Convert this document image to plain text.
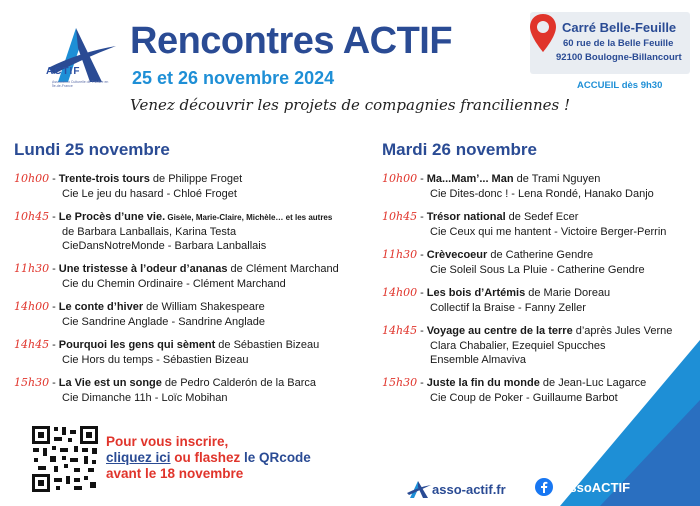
ACTIF
Association Culturelle de Théâtre en Île-de-France
Rencontres ACTIF
25 et 26 novembre 2024
Venez découvrir les projets de compagnies franciliennes !
Carré Belle-Feuille
60 rue de la Belle Feuille
92100 Boulogne-Billancourt
ACCUEIL dès 9h30
Lundi 25 novembre
10h00 - Trente-trois tours de Philippe Froget
Cie Le jeu du hasard - Chloé Froget
10h45 - Le Procès d’une vie. Gisèle, Marie-Claire, Michèle… et les autres
de Barbara Lanballais, Karina Testa
CieDansNotreMonde - Barbara Lanballais
11h30 - Une tristesse à l’odeur d’ananas de Clément Marchand
Cie du Chemin Ordinaire - Clément Marchand
14h00 - Le conte d’hiver de William Shakespeare
Cie Sandrine Anglade - Sandrine Anglade
14h45 - Pourquoi les gens qui sèment de Sébastien Bizeau
Cie Hors du temps - Sébastien Bizeau
15h30 - La Vie est un songe de Pedro Calderón de la Barca
Cie Dimanche 11h - Loïc Mobihan
Mardi 26 novembre
10h00 - Ma...Mam’... Man de Trami Nguyen
Cie Dites-donc ! - Lena Rondé, Hanako Danjo
10h45 - Trésor national de Sedef Ecer
Cie Ceux qui me hantent - Victoire Berger-Perrin
11h30 - Crèvecoeur de Catherine Gendre
Cie Soleil Sous La Pluie - Catherine Gendre
14h00 - Les bois d’Artémis de Marie Doreau
Collectif la Braise - Fanny Zeller
14h45 - Voyage au centre de la terre d’après Jules Verne
Clara Chabalier, Ezequiel Spucches
Ensemble Almaviva
15h30 - Juste la fin du monde de Jean-Luc Lagarce
Cie Coup de Poker - Guillaume Barbot
Pour vous inscrire,
cliquez ici ou flashez le QRcode
avant le 18 novembre
asso-actif.fr	AssoACTIF
